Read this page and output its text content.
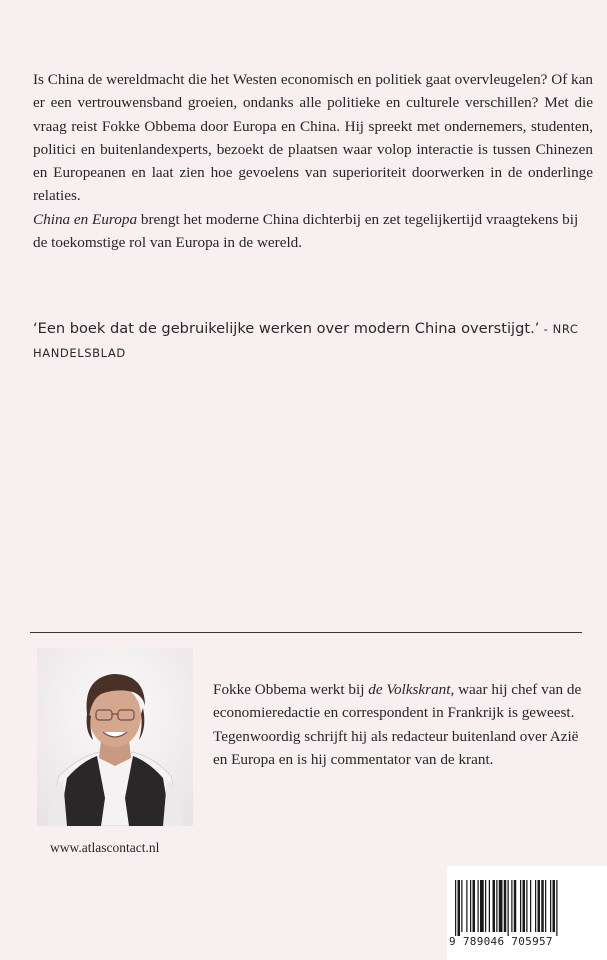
Is China de wereldmacht die het Westen economisch en politiek gaat overvleugelen? Of kan er een vertrouwensband groeien, ondanks alle politieke en culturele verschillen? Met die vraag reist Fokke Obbema door Europa en China. Hij spreekt met ondernemers, studenten, politici en buitenlandexperts, bezoekt de plaatsen waar volop interactie is tussen Chinezen en Europeanen en laat zien hoe gevoelens van superioriteit doorwerken in de onderlinge relaties.

China en Europa brengt het moderne China dichterbij en zet tegelijkertijd vraagtekens bij de toekomstige rol van Europa in de wereld.

‘Een boek dat de gebruikelijke werken over modern China overstijgt.’ - NRC HANDELSBLAD

Fokke Obbema werkt bij de Volkskrant, waar hij chef van de economieredactie en correspondent in Frankrijk is geweest. Tegenwoordig schrijft hij als redacteur buitenland over Azië en Europa en is hij commentator van de krant.

www.atlascontact.nl
9 789046 705957
